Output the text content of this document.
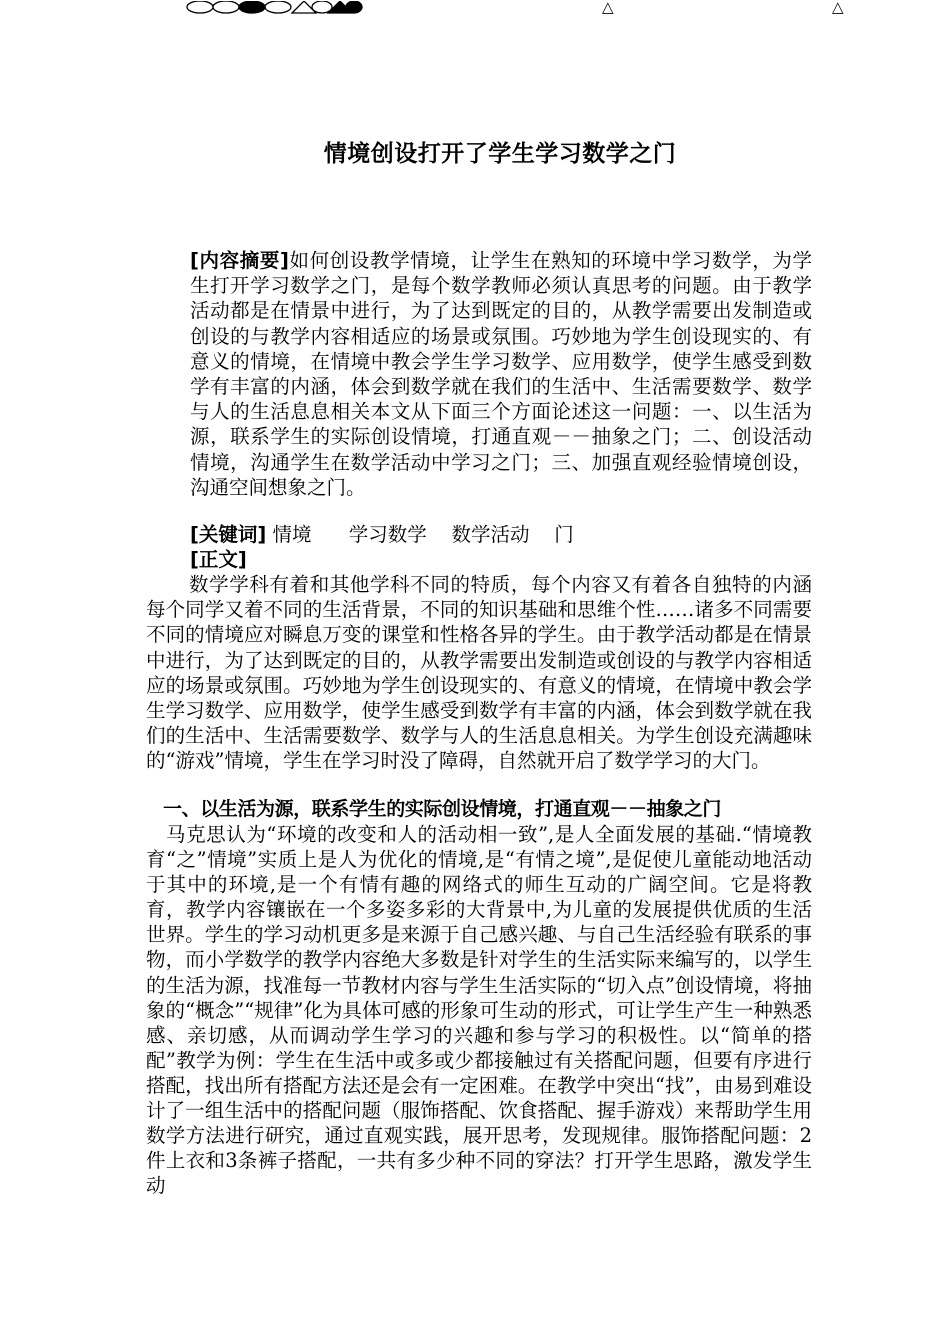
△	△
情境创设打开了学生学习数学之门

[内容摘要]如何创设教学情境，让学生在熟知的环境中学习数学，为学生打开学习数学之门，是每个数学教师必须认真思考的问题。由于教学活动都是在情景中进行，为了达到既定的目的，从教学需要出发制造或创设的与教学内容相适应的场景或氛围。巧妙地为学生创设现实的、有意义的情境，在情境中教会学生学习数学、应用数学，使学生感受到数学有丰富的内涵，体会到数学就在我们的生活中、生活需要数学、数学与人的生活息息相关本文从下面三个方面论述这一问题：一、以生活为源，联系学生的实际创设情境，打通直观－－抽象之门；二、创设活动情境，沟通学生在数学活动中学习之门；三、加强直观经验情境创设，沟通空间想象之门。

[关键词] 情境      学习数学    数学活动    门
[正文]

数学学科有着和其他学科不同的特质，每个内容又有着各自独特的内涵每个同学又着不同的生活背景，不同的知识基础和思维个性……诸多不同需要不同的情境应对瞬息万变的课堂和性格各异的学生。由于教学活动都是在情景中进行，为了达到既定的目的，从教学需要出发制造或创设的与教学内容相适应的场景或氛围。巧妙地为学生创设现实的、有意义的情境，在情境中教会学生学习数学、应用数学，使学生感受到数学有丰富的内涵，体会到数学就在我们的生活中、生活需要数学、数学与人的生活息息相关。为学生创设充满趣味的“游戏”情境，学生在学习时没了障碍，自然就开启了数学学习的大门。

一、以生活为源，联系学生的实际创设情境，打通直观－－抽象之门

马克思认为“环境的改变和人的活动相一致”,是人全面发展的基础.“情境教育“之”情境”实质上是人为优化的情境,是“有情之境”,是促使儿童能动地活动于其中的环境,是一个有情有趣的网络式的师生互动的广阔空间。它是将教育，教学内容镶嵌在一个多姿多彩的大背景中,为儿童的发展提供优质的生活世界。学生的学习动机更多是来源于自己感兴趣、与自己生活经验有联系的事物，而小学数学的教学内容绝大多数是针对学生的生活实际来编写的，以学生的生活为源，找准每一节教材内容与学生生活实际的“切入点”创设情境，将抽象的“概念”“规律”化为具体可感的形象可生动的形式，可让学生产生一种熟悉感、亲切感，从而调动学生学习的兴趣和参与学习的积极性。以“简单的搭配”教学为例：学生在生活中或多或少都接触过有关搭配问题，但要有序进行搭配，找出所有搭配方法还是会有一定困难。在教学中突出“找”，由易到难设计了一组生活中的搭配问题（服饰搭配、饮食搭配、握手游戏）来帮助学生用数学方法进行研究，通过直观实践，展开思考，发现规律。服饰搭配问题：2件上衣和3条裤子搭配，一共有多少种不同的穿法？打开学生思路，激发学生动
